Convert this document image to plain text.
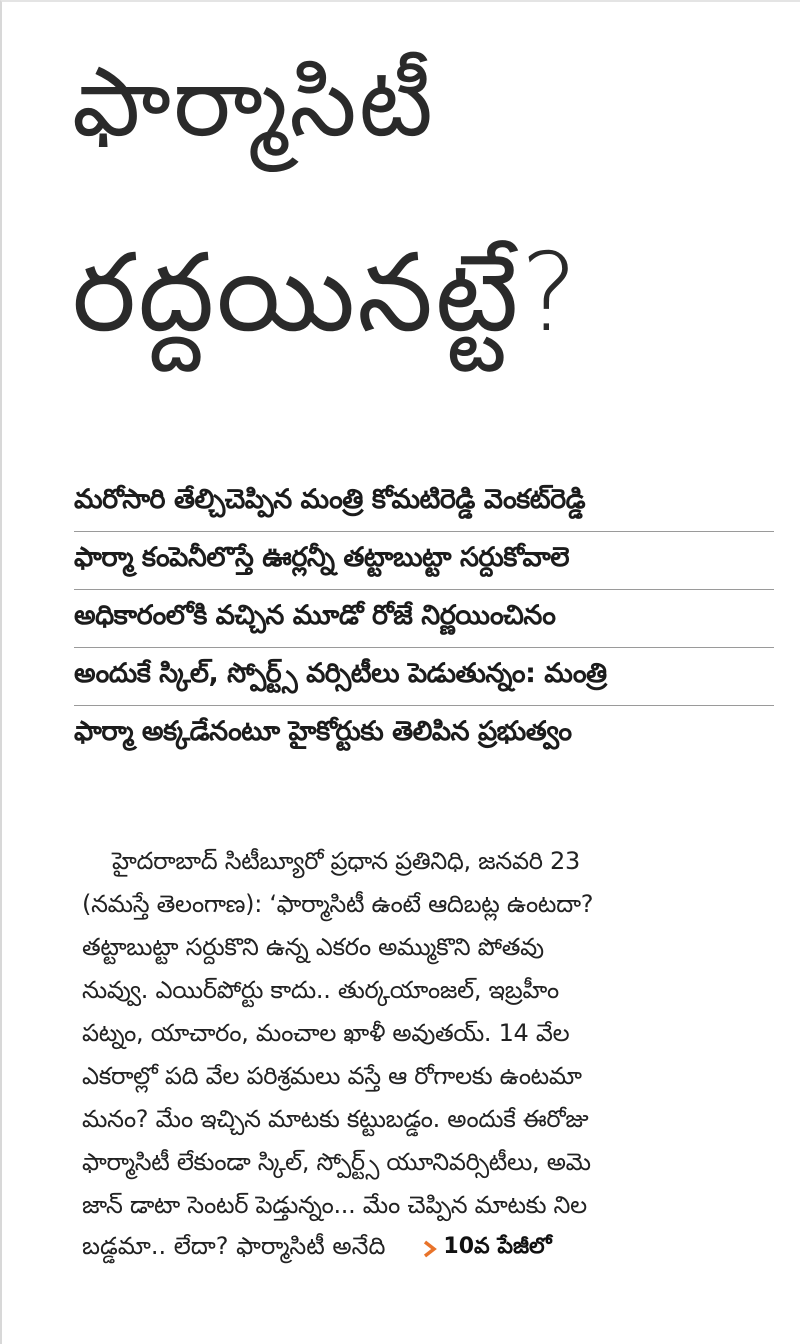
ఫార్మాసిటీ
రద్దయినట్టే?
మరోసారి తేల్చిచెప్పిన మంత్రి కోమటిరెడ్డి వెంకట్‌రెడ్డి
ఫార్మా కంపెనీలొస్తే ఊర్లన్నీ తట్టాబుట్టా సర్దుకోవాలె
అధికారంలోకి వచ్చిన మూడో రోజే నిర్ణయించినం
అందుకే స్కిల్, స్పోర్ట్స్ వర్సిటీలు పెడుతున్నం: మంత్రి
ఫార్మా అక్కడేనంటూ హైకోర్టుకు తెలిపిన ప్రభుత్వం
హైదరాబాద్ సిటీబ్యూరో ప్రధాన ప్రతినిధి, జనవరి 23
(నమస్తే తెలంగాణ): ‘ఫార్మాసిటీ ఉంటే ఆదిబట్ల ఉంటదా?
తట్టాబుట్టా సర్దుకొని ఉన్న ఎకరం అమ్ముకొని పోతవు
నువ్వు. ఎయిర్‌పోర్టు కాదు.. తుర్కయాంజల్, ఇబ్రహీం
పట్నం, యాచారం, మంచాల ఖాళీ అవుతయ్. 14 వేల
ఎకరాల్లో పది వేల పరిశ్రమలు వస్తే ఆ రోగాలకు ఉంటమా
మనం? మేం ఇచ్చిన మాటకు కట్టుబడ్డం. అందుకే ఈరోజు
ఫార్మాసిటీ లేకుండా స్కిల్, స్పోర్ట్స్ యూనివర్సిటీలు, అమె
జాన్ డాటా సెంటర్ పెడ్తున్నం... మేం చెప్పిన మాటకు నిల
బడ్డమా.. లేదా? ఫార్మాసిటీ అనేది	10వ పేజీలో
